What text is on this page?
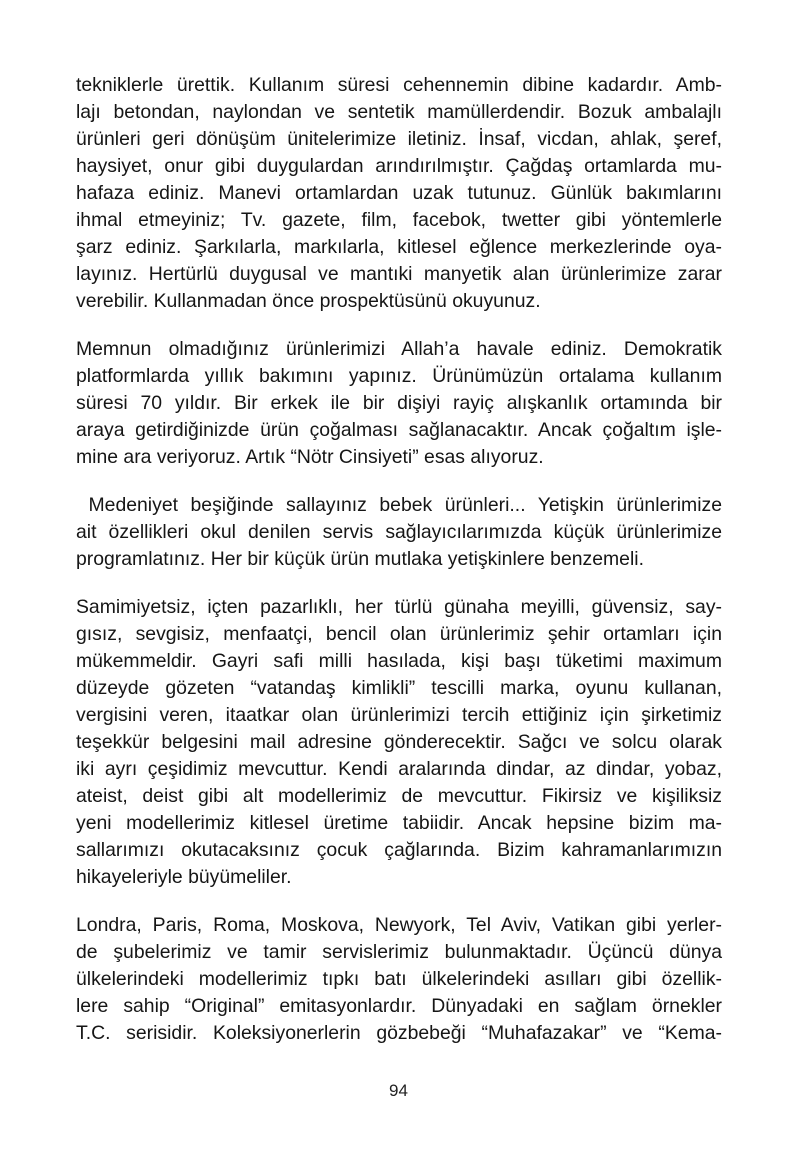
tekniklerle ürettik. Kullanım süresi cehennemin dibine kadardır. Amb-
lajı betondan, naylondan ve sentetik mamüllerdendir. Bozuk ambalajlı
ürünleri geri dönüşüm ünitelerimize iletiniz. İnsaf, vicdan, ahlak, şeref,
haysiyet, onur gibi duygulardan arındırılmıştır. Çağdaş ortamlarda mu-
hafaza ediniz. Manevi ortamlardan uzak tutunuz. Günlük bakımlarını
ihmal etmeyiniz; Tv. gazete, film, facebok, twetter gibi yöntemlerle
şarz ediniz. Şarkılarla, markılarla, kitlesel eğlence merkezlerinde oya-
layınız. Hertürlü duygusal ve mantıki manyetik alan ürünlerimize zarar
verebilir. Kullanmadan önce prospektüsünü okuyunuz.
Memnun olmadığınız ürünlerimizi Allah’a havale ediniz. Demokratik
platformlarda yıllık bakımını yapınız. Ürünümüzün ortalama kullanım
süresi 70 yıldır. Bir erkek ile bir dişiyi rayiç alışkanlık ortamında bir
araya getirdiğinizde ürün çoğalması sağlanacaktır. Ancak çoğaltım işle-
mine ara veriyoruz. Artık “Nötr Cinsiyeti” esas alıyoruz.
Medeniyet beşiğinde sallayınız bebek ürünleri... Yetişkin ürünlerimize
ait özellikleri okul denilen servis sağlayıcılarımızda küçük ürünlerimize
programlatınız. Her bir küçük ürün mutlaka yetişkinlere benzemeli.
Samimiyetsiz, içten pazarlıklı, her türlü günaha meyilli, güvensiz, say-
gısız, sevgisiz, menfaatçi, bencil olan ürünlerimiz şehir ortamları için
mükemmeldir. Gayri safi milli hasılada, kişi başı tüketimi maximum
düzeyde gözeten “vatandaş kimlikli” tescilli marka, oyunu kullanan,
vergisini veren, itaatkar olan ürünlerimizi tercih ettiğiniz için şirketimiz
teşekkür belgesini mail adresine gönderecektir. Sağcı ve solcu olarak
iki ayrı çeşidimiz mevcuttur. Kendi aralarında dindar, az dindar, yobaz,
ateist, deist gibi alt modellerimiz de mevcuttur. Fikirsiz ve kişiliksiz
yeni modellerimiz kitlesel üretime tabiidir. Ancak hepsine bizim ma-
sallarımızı okutacaksınız çocuk çağlarında. Bizim kahramanlarımızın
hikayeleriyle büyümeliler.
Londra, Paris, Roma, Moskova, Newyork, Tel Aviv, Vatikan gibi yerler-
de şubelerimiz ve tamir servislerimiz bulunmaktadır. Üçüncü dünya
ülkelerindeki modellerimiz tıpkı batı ülkelerindeki asılları gibi özellik-
lere sahip “Original” emitasyonlardır. Dünyadaki en sağlam örnekler
T.C. serisidir. Koleksiyonerlerin gözbebeği “Muhafazakar” ve “Kema-
94
